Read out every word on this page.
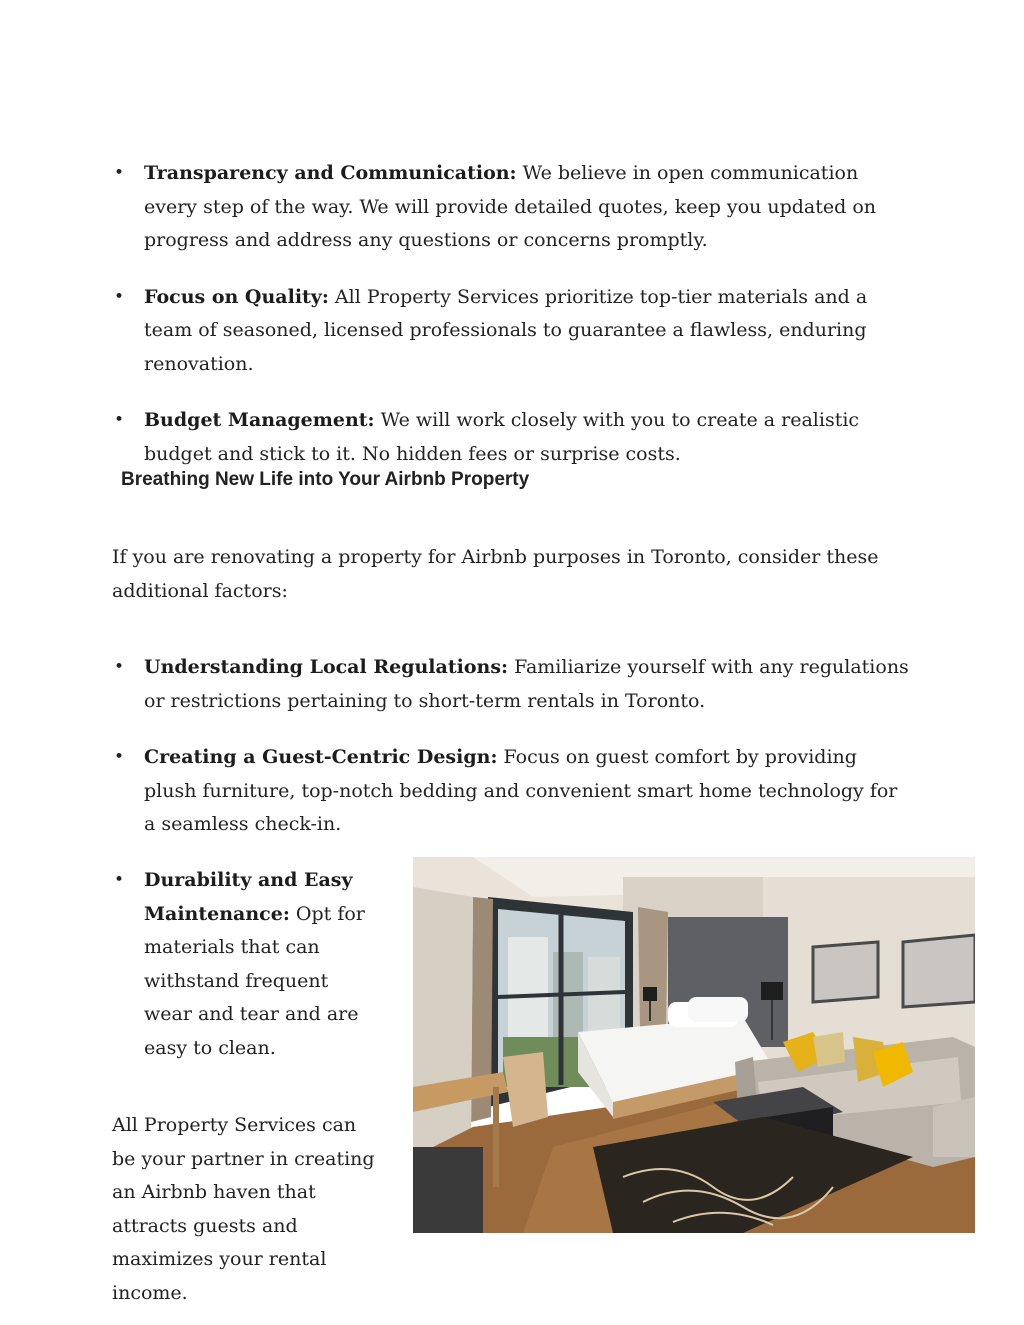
• Transparency and Communication: We believe in open communication every step of the way. We will provide detailed quotes, keep you updated on progress and address any questions or concerns promptly.
• Focus on Quality: All Property Services prioritize top-tier materials and a team of seasoned, licensed professionals to guarantee a flawless, enduring renovation.
• Budget Management: We will work closely with you to create a realistic budget and stick to it. No hidden fees or surprise costs.
Breathing New Life into Your Airbnb Property

If you are renovating a property for Airbnb purposes in Toronto, consider these additional factors:

• Understanding Local Regulations: Familiarize yourself with any regulations or restrictions pertaining to short-term rentals in Toronto.
• Creating a Guest-Centric Design: Focus on guest comfort by providing plush furniture, top-notch bedding and convenient smart home technology for a seamless check-in.
• Durability and Easy Maintenance: Opt for materials that can withstand frequent wear and tear and are easy to clean.

All Property Services can be your partner in creating an Airbnb haven that attracts guests and maximizes your rental income.
